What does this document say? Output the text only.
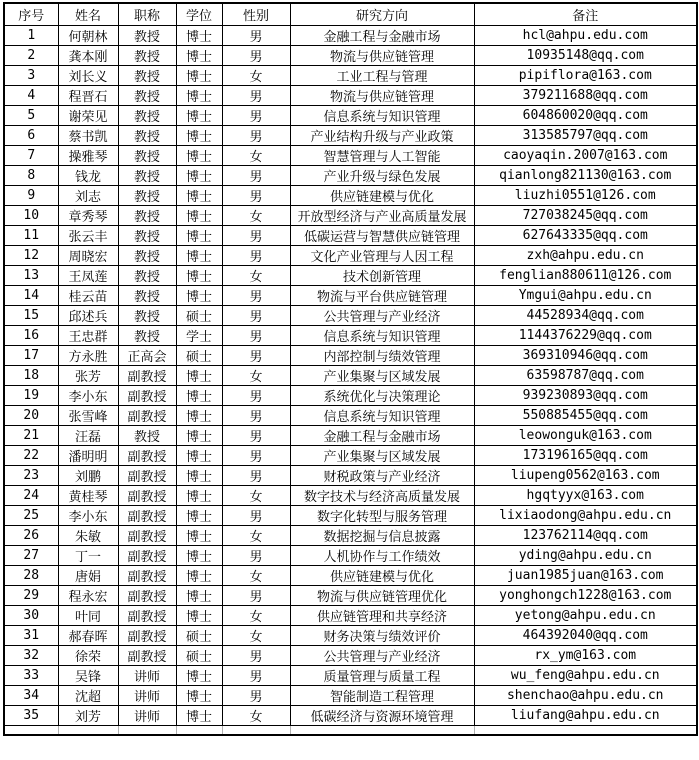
序号	姓名	职称	学位	性别	研究方向	备注
1	何朝林	教授	博士	男	金融工程与金融市场	hcl@ahpu.edu.com
2	龚本刚	教授	博士	男	物流与供应链管理	10935148@qq.com
3	刘长义	教授	博士	女	工业工程与管理	pipiflora@163.com
4	程晋石	教授	博士	男	物流与供应链管理	379211688@qq.com
5	谢荣见	教授	博士	男	信息系统与知识管理	604860020@qq.com
6	蔡书凯	教授	博士	男	产业结构升级与产业政策	313585797@qq.com
7	操雅琴	教授	博士	女	智慧管理与人工智能	caoyaqin.2007@163.com
8	钱龙	教授	博士	男	产业升级与绿色发展	qianlong821130@163.com
9	刘志	教授	博士	男	供应链建模与优化	liuzhi0551@126.com
10	章秀琴	教授	博士	女	开放型经济与产业高质量发展	727038245@qq.com
11	张云丰	教授	博士	男	低碳运营与智慧供应链管理	627643335@qq.com
12	周晓宏	教授	博士	男	文化产业管理与人因工程	zxh@ahpu.edu.cn
13	王凤莲	教授	博士	女	技术创新管理	fenglian880611@126.com
14	桂云苗	教授	博士	男	物流与平台供应链管理	Ymgui@ahpu.edu.cn
15	邱述兵	教授	硕士	男	公共管理与产业经济	44528934@qq.com
16	王忠群	教授	学士	男	信息系统与知识管理	1144376229@qq.com
17	方永胜	正高会	硕士	男	内部控制与绩效管理	369310946@qq.com
18	张芳	副教授	博士	女	产业集聚与区域发展	63598787@qq.com
19	李小东	副教授	博士	男	系统优化与决策理论	939230893@qq.com
20	张雪峰	副教授	博士	男	信息系统与知识管理	550885455@qq.com
21	汪磊	教授	博士	男	金融工程与金融市场	leowonguk@163.com
22	潘明明	副教授	博士	男	产业集聚与区域发展	173196165@qq.com
23	刘鹏	副教授	博士	男	财税政策与产业经济	liupeng0562@163.com
24	黄桂琴	副教授	博士	女	数字技术与经济高质量发展	hgqtyyx@163.com
25	李小东	副教授	博士	男	数字化转型与服务管理	lixiaodong@ahpu.edu.cn
26	朱敏	副教授	博士	女	数据挖掘与信息披露	123762114@qq.com
27	丁一	副教授	博士	男	人机协作与工作绩效	yding@ahpu.edu.cn
28	唐娟	副教授	博士	女	供应链建模与优化	juan1985juan@163.com
29	程永宏	副教授	博士	男	物流与供应链管理优化	yonghongch1228@163.com
30	叶同	副教授	博士	女	供应链管理和共享经济	yetong@ahpu.edu.cn
31	郝春晖	副教授	硕士	女	财务决策与绩效评价	464392040@qq.com
32	徐荣	副教授	硕士	男	公共管理与产业经济	rx_ym@163.com
33	吴锋	讲师	博士	男	质量管理与质量工程	wu_feng@ahpu.edu.cn
34	沈超	讲师	博士	男	智能制造工程管理	shenchao@ahpu.edu.cn
35	刘芳	讲师	博士	女	低碳经济与资源环境管理	liufang@ahpu.edu.cn
